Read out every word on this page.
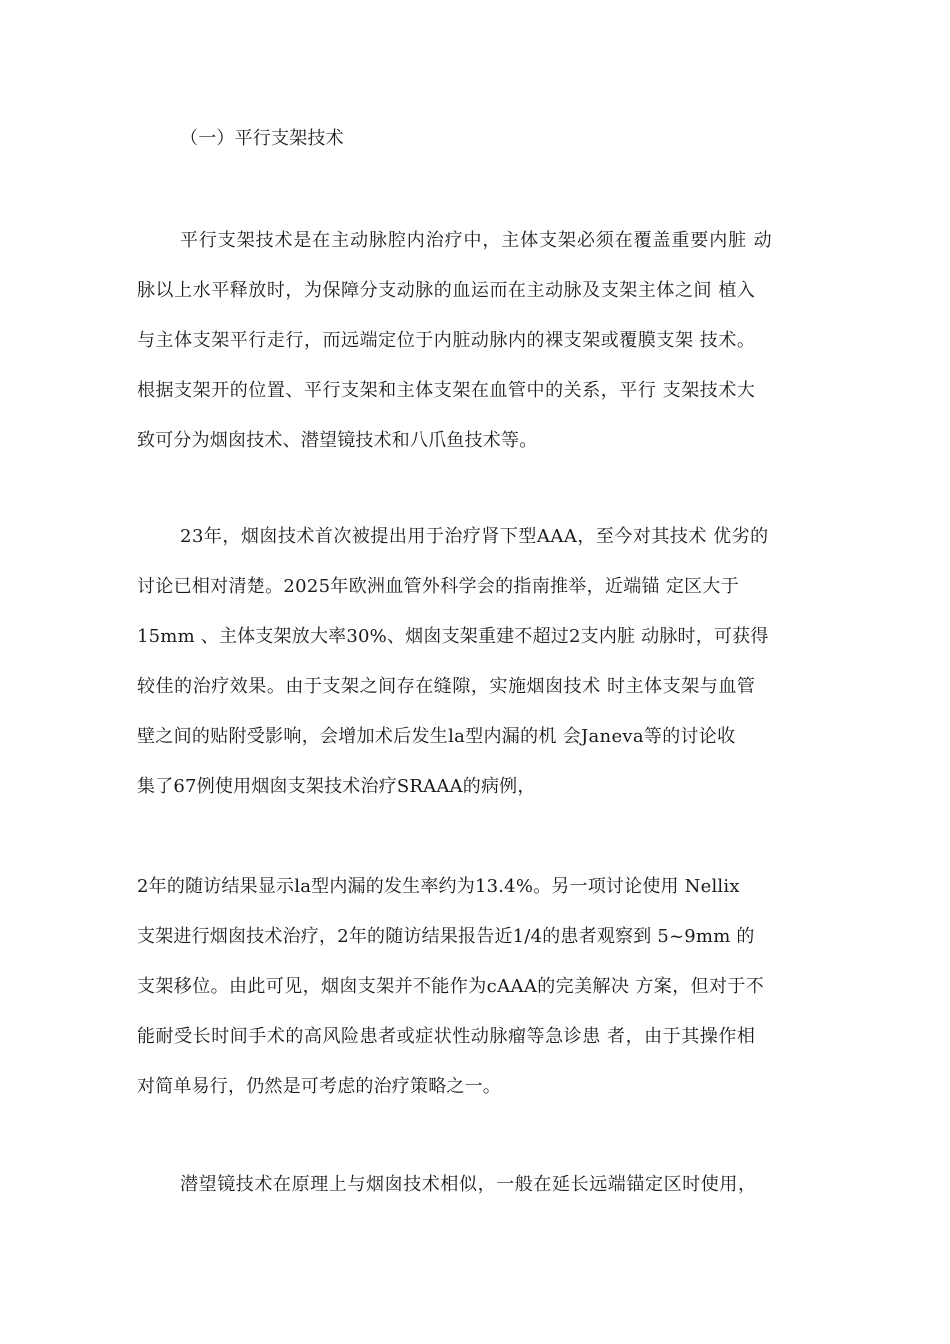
（一）平行支架技术
平行支架技术是在主动脉腔内治疗中，主体支架必须在覆盖重要内脏 动
脉以上水平释放时，为保障分支动脉的血运而在主动脉及支架主体之间 植入
与主体支架平行走行，而远端定位于内脏动脉内的裸支架或覆膜支架 技术。
根据支架开的位置、平行支架和主体支架在血管中的关系，平行 支架技术大
致可分为烟囱技术、潜望镜技术和八爪鱼技术等。
23年，烟囱技术首次被提出用于治疗肾下型AAA，至今对其技术 优劣的
讨论已相对清楚。2025年欧洲血管外科学会的指南推举，近端锚 定区大于
15mm 、主体支架放大率30%、烟囱支架重建不超过2支内脏 动脉时，可获得
较佳的治疗效果。由于支架之间存在缝隙，实施烟囱技术 时主体支架与血管
壁之间的贴附受影响，会增加术后发生la型内漏的机 会Janeva等的讨论收
集了67例使用烟囱支架技术治疗SRAAA的病例，
2年的随访结果显示la型内漏的发生率约为13.4%。另一项讨论使用 Nellix
支架进行烟囱技术治疗，2年的随访结果报告近1/4的患者观察到 5~9mm 的
支架移位。由此可见，烟囱支架并不能作为cAAA的完美解决 方案，但对于不
能耐受长时间手术的高风险患者或症状性动脉瘤等急诊患 者，由于其操作相
对简单易行，仍然是可考虑的治疗策略之一。
潜望镜技术在原理上与烟囱技术相似，一般在延长远端锚定区时使用，
